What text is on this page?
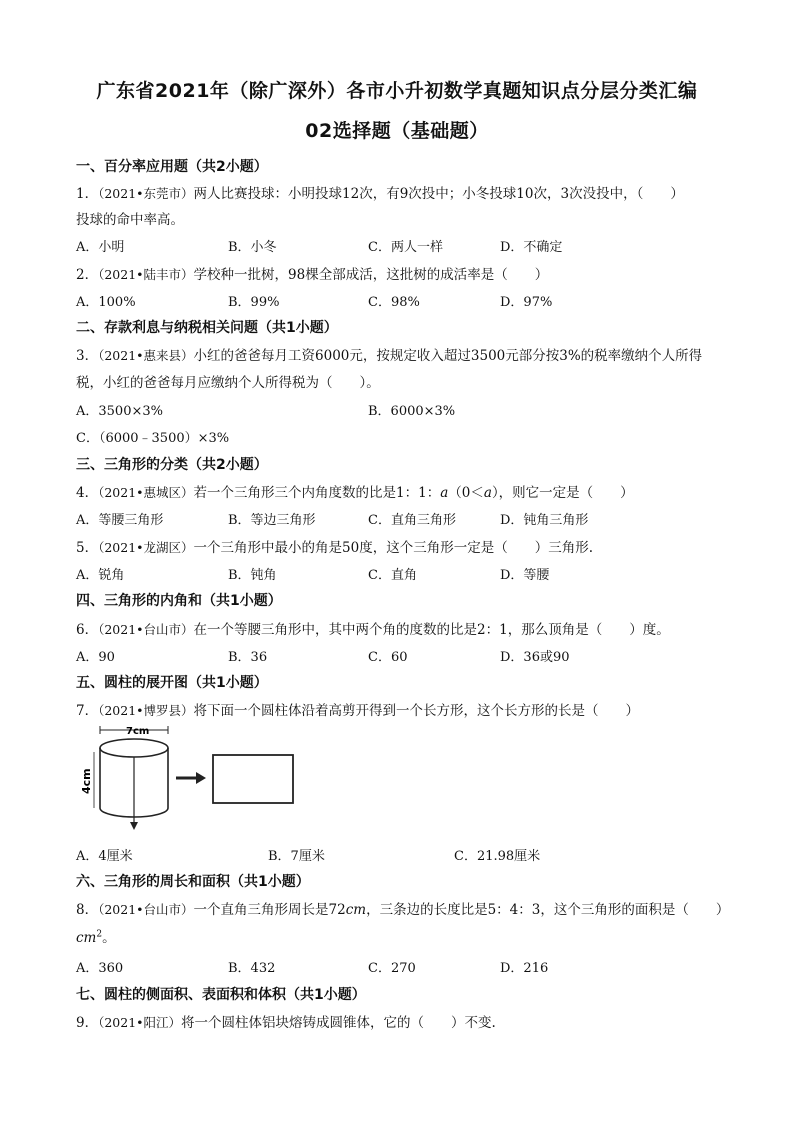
广东省2021年（除广深外）各市小升初数学真题知识点分层分类汇编
02选择题（基础题）
一、百分率应用题（共2小题）
1．（2021•东莞市）两人比赛投球：小明投球12次，有9次投中；小冬投球10次，3次没投中，（　　）
投球的命中率高。
A．小明	B．小冬	C．两人一样	D．不确定
2．（2021•陆丰市）学校种一批树，98棵全部成活，这批树的成活率是（　　）
A．100%	B．99%	C．98%	D．97%
二、存款利息与纳税相关问题（共1小题）
3．（2021•惠来县）小红的爸爸每月工资6000元，按规定收入超过3500元部分按3%的税率缴纳个人所得
税，小红的爸爸每月应缴纳个人所得税为（　　）。
A．3500×3%	B．6000×3%
C．（6000﹣3500）×3%
三、三角形的分类（共2小题）
4．（2021•惠城区）若一个三角形三个内角度数的比是1：1：a（0＜a），则它一定是（　　）
A．等腰三角形	B．等边三角形	C．直角三角形	D．钝角三角形
5．（2021•龙湖区）一个三角形中最小的角是50度，这个三角形一定是（　　）三角形.
A．锐角	B．钝角	C．直角	D．等腰
四、三角形的内角和（共1小题）
6．（2021•台山市）在一个等腰三角形中，其中两个角的度数的比是2：1，那么顶角是（　　）度。
A．90	B．36	C．60	D．36或90
五、圆柱的展开图（共1小题）
7．（2021•博罗县）将下面一个圆柱体沿着高剪开得到一个长方形，这个长方形的长是（　　）
7cm
4cm
A．4厘米	B．7厘米	C．21.98厘米
六、三角形的周长和面积（共1小题）
8．（2021•台山市）一个直角三角形周长是72cm，三条边的长度比是5：4：3，这个三角形的面积是（　　）
$cm^2$。
A．360	B．432	C．270	D．216
七、圆柱的侧面积、表面积和体积（共1小题）
9．（2021•阳江）将一个圆柱体铝块熔铸成圆锥体，它的（　　）不变.
